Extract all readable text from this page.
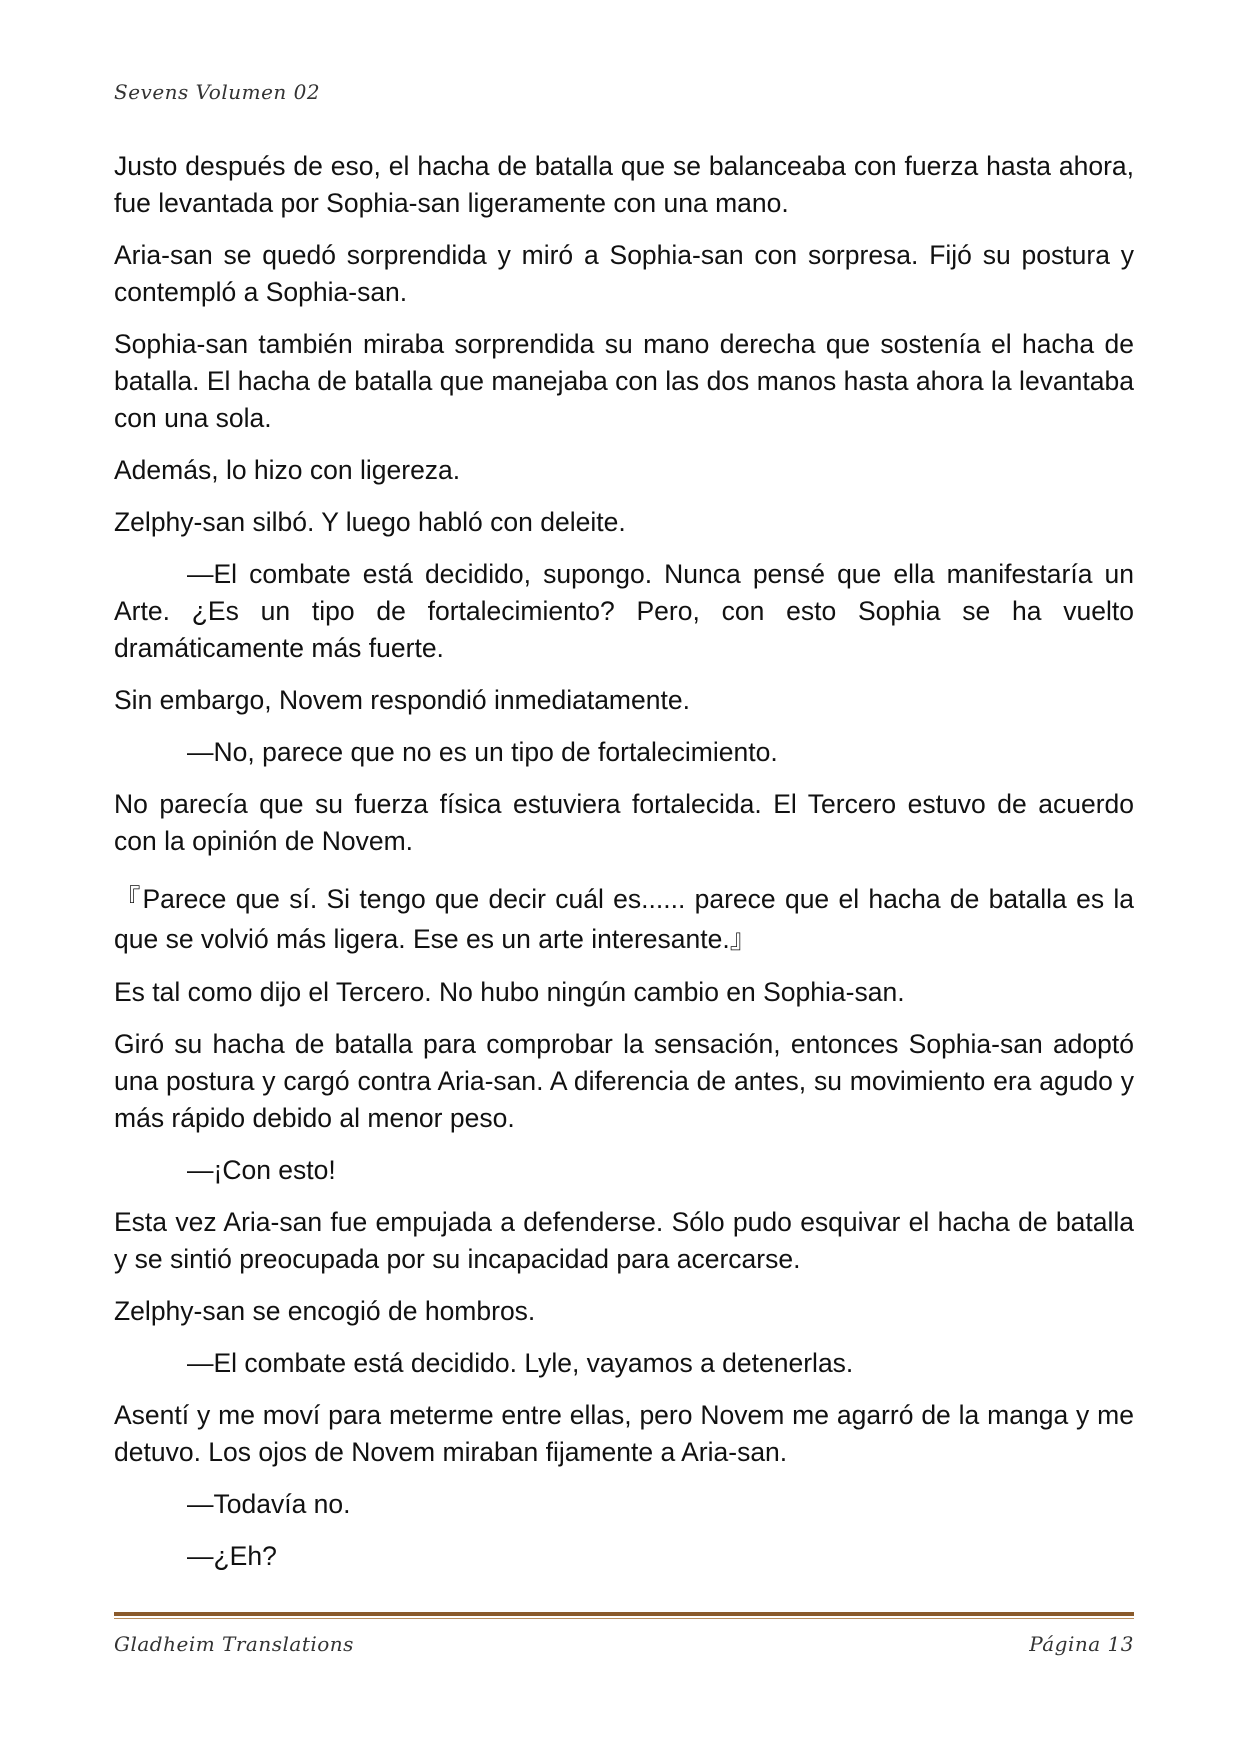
Sevens Volumen 02

Justo después de eso, el hacha de batalla que se balanceaba con fuerza hasta ahora, fue levantada por Sophia-san ligeramente con una mano.

Aria-san se quedó sorprendida y miró a Sophia-san con sorpresa. Fijó su postura y contempló a Sophia-san.

Sophia-san también miraba sorprendida su mano derecha que sostenía el hacha de batalla. El hacha de batalla que manejaba con las dos manos hasta ahora la levantaba con una sola.

Además, lo hizo con ligereza.

Zelphy-san silbó. Y luego habló con deleite.

—El combate está decidido, supongo. Nunca pensé que ella manifestaría un Arte. ¿Es un tipo de fortalecimiento? Pero, con esto Sophia se ha vuelto dramáticamente más fuerte.

Sin embargo, Novem respondió inmediatamente.

—No, parece que no es un tipo de fortalecimiento.

No parecía que su fuerza física estuviera fortalecida. El Tercero estuvo de acuerdo con la opinión de Novem.

『Parece que sí. Si tengo que decir cuál es...... parece que el hacha de batalla es la que se volvió más ligera. Ese es un arte interesante.』

Es tal como dijo el Tercero. No hubo ningún cambio en Sophia-san.

Giró su hacha de batalla para comprobar la sensación, entonces Sophia-san adoptó una postura y cargó contra Aria-san. A diferencia de antes, su movimiento era agudo y más rápido debido al menor peso.

—¡Con esto!

Esta vez Aria-san fue empujada a defenderse. Sólo pudo esquivar el hacha de batalla y se sintió preocupada por su incapacidad para acercarse.

Zelphy-san se encogió de hombros.

—El combate está decidido. Lyle, vayamos a detenerlas.

Asentí y me moví para meterme entre ellas, pero Novem me agarró de la manga y me detuvo. Los ojos de Novem miraban fijamente a Aria-san.

—Todavía no.

—¿Eh?

Gladheim Translations	Página 13
